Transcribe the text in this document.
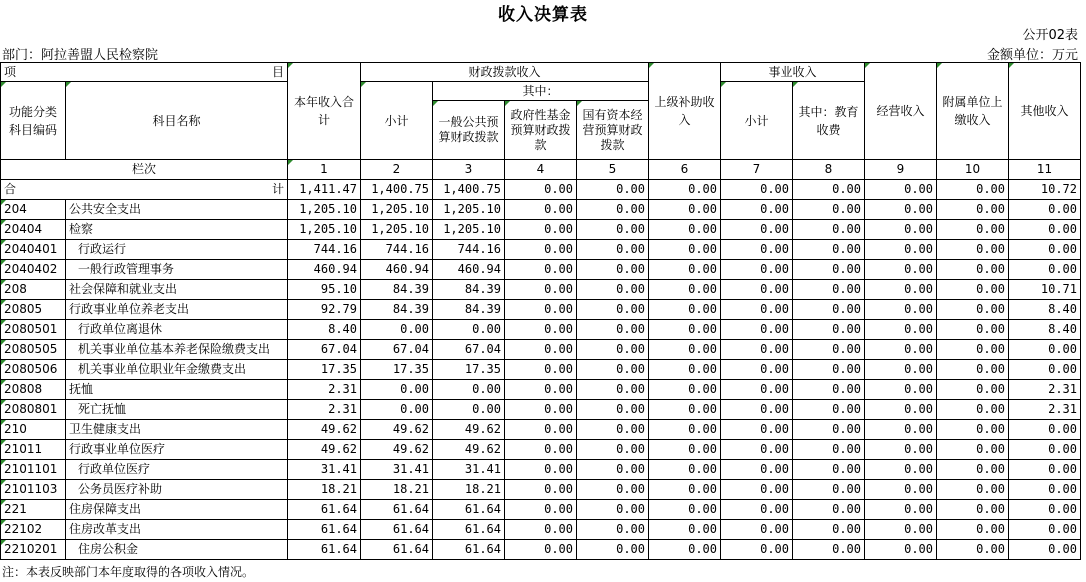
收入决算表
公开02表
部门：阿拉善盟人民检察院	金额单位：万元
项 目		本年收入合计	财政拨款收入				上级补助收入	事业收入		经营收入	附属单位上缴收入	其他收入
功能分类科目编码	科目名称		小计	其中：				小计	其中：教育收费			
				一般公共预算财政拨款	政府性基金预算财政拨款	国有资本经营预算财政拨款						
栏次		1	2	3	4	5	6	7	8	9	10	11
合 计		1,411.47	1,400.75	1,400.75	0.00	0.00	0.00	0.00	0.00	0.00	0.00	10.72
204	公共安全支出	1,205.10	1,205.10	1,205.10	0.00	0.00	0.00	0.00	0.00	0.00	0.00	0.00
20404	检察	1,205.10	1,205.10	1,205.10	0.00	0.00	0.00	0.00	0.00	0.00	0.00	0.00
2040401	行政运行	744.16	744.16	744.16	0.00	0.00	0.00	0.00	0.00	0.00	0.00	0.00
2040402	一般行政管理事务	460.94	460.94	460.94	0.00	0.00	0.00	0.00	0.00	0.00	0.00	0.00
208	社会保障和就业支出	95.10	84.39	84.39	0.00	0.00	0.00	0.00	0.00	0.00	0.00	10.71
20805	行政事业单位养老支出	92.79	84.39	84.39	0.00	0.00	0.00	0.00	0.00	0.00	0.00	8.40
2080501	行政单位离退休	8.40	0.00	0.00	0.00	0.00	0.00	0.00	0.00	0.00	0.00	8.40
2080505	机关事业单位基本养老保险缴费支出	67.04	67.04	67.04	0.00	0.00	0.00	0.00	0.00	0.00	0.00	0.00
2080506	机关事业单位职业年金缴费支出	17.35	17.35	17.35	0.00	0.00	0.00	0.00	0.00	0.00	0.00	0.00
20808	抚恤	2.31	0.00	0.00	0.00	0.00	0.00	0.00	0.00	0.00	0.00	2.31
2080801	死亡抚恤	2.31	0.00	0.00	0.00	0.00	0.00	0.00	0.00	0.00	0.00	2.31
210	卫生健康支出	49.62	49.62	49.62	0.00	0.00	0.00	0.00	0.00	0.00	0.00	0.00
21011	行政事业单位医疗	49.62	49.62	49.62	0.00	0.00	0.00	0.00	0.00	0.00	0.00	0.00
2101101	行政单位医疗	31.41	31.41	31.41	0.00	0.00	0.00	0.00	0.00	0.00	0.00	0.00
2101103	公务员医疗补助	18.21	18.21	18.21	0.00	0.00	0.00	0.00	0.00	0.00	0.00	0.00
221	住房保障支出	61.64	61.64	61.64	0.00	0.00	0.00	0.00	0.00	0.00	0.00	0.00
22102	住房改革支出	61.64	61.64	61.64	0.00	0.00	0.00	0.00	0.00	0.00	0.00	0.00
2210201	住房公积金	61.64	61.64	61.64	0.00	0.00	0.00	0.00	0.00	0.00	0.00	0.00
注：本表反映部门本年度取得的各项收入情况。
